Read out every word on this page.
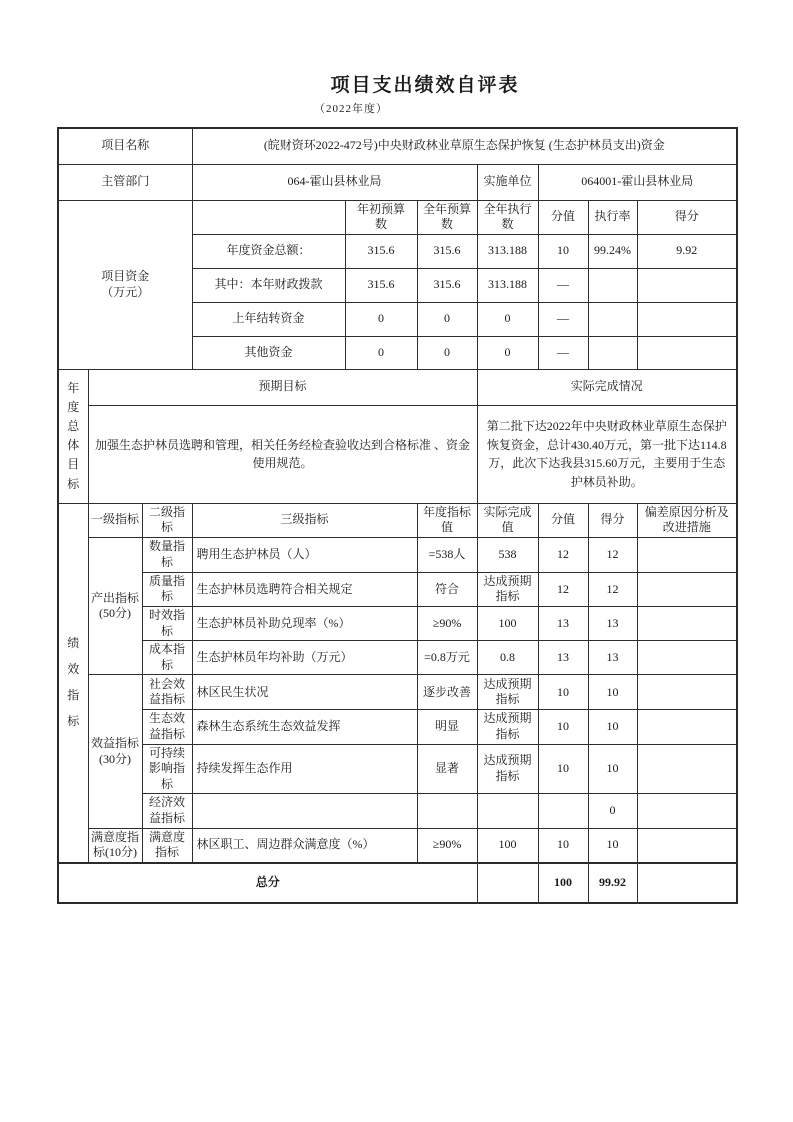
项目支出绩效自评表
（2022年度）
项目名称			(皖财资环2022-472号)中央财政林业草原生态保护恢复 (生态护林员支出)资金						
主管部门			064-霍山县林业局			实施单位	064001-霍山县林业局		

项目资金
（万元）				年初预算数	全年预算数	全年执行数	分值	执行率	得分
			年度资金总额：	315.6	315.6	313.188	10	99.24%	9.92
			其中：本年财政拨款	315.6	315.6	313.188	—		
			上年结转资金	0	0	0	—		
			其他资金	0	0	0	—		
年度总体目标	预期目标					实际完成情况			
	加强生态护林员选聘和管理，相关任务经检查验收达到合格标准 、资金使用规范。					第二批下达2022年中央财政林业草原生态保护恢复资金，总计430.40万元，第一批下达114.8万，此次下达我县315.60万元，主要用于生态护林员补助。			
绩效指标	一级指标	二级指标	三级指标		年度指标值	实际完成值	分值	得分	偏差原因分析及改进措施
	产出指标(50分)	数量指标	聘用生态护林员（人）		=538人	538	12	12	
		质量指标	生态护林员选聘符合相关规定		符合	达成预期指标	12	12	
		时效指标	生态护林员补助兑现率（%）		≥90%	100	13	13	
		成本指标	生态护林员年均补助（万元）		=0.8万元	0.8	13	13	
	效益指标(30分)	社会效益指标	林区民生状况		逐步改善	达成预期指标	10	10	
		生态效益指标	森林生态系统生态效益发挥		明显	达成预期指标	10	10	
		可持续影响指标	持续发挥生态作用		显著	达成预期指标	10	10	
		经济效益指标						0	
	满意度指标(10分)	满意度指标	林区职工、周边群众满意度（%）		≥90%	100	10	10	
总分							100	99.92	
